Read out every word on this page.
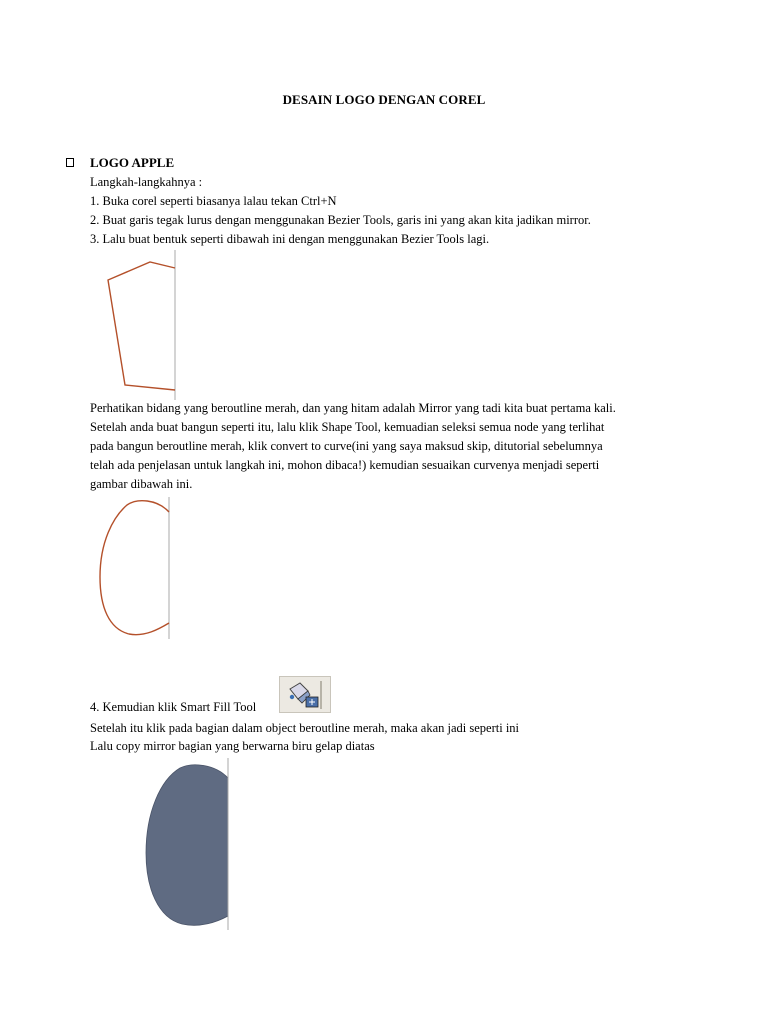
DESAIN LOGO DENGAN COREL
LOGO APPLE
Langkah-langkahnya :
1. Buka corel seperti biasanya lalau tekan Ctrl+N
2. Buat garis tegak lurus dengan menggunakan Bezier Tools, garis ini yang akan kita jadikan mirror.
3. Lalu buat bentuk seperti dibawah ini dengan menggunakan Bezier Tools lagi.
Perhatikan bidang yang beroutline merah, dan yang hitam adalah Mirror yang tadi kita buat pertama kali.
Setelah anda buat bangun seperti itu, lalu klik Shape Tool, kemuadian seleksi semua node yang terlihat
pada bangun beroutline merah, klik convert to curve(ini yang saya maksud skip, ditutorial sebelumnya
telah ada penjelasan untuk langkah ini, mohon dibaca!) kemudian sesuaikan curvenya menjadi seperti
gambar dibawah ini.
4. Kemudian klik Smart Fill Tool
Setelah itu klik pada bagian dalam object beroutline merah, maka akan jadi seperti ini
Lalu copy mirror bagian yang berwarna biru gelap diatas
